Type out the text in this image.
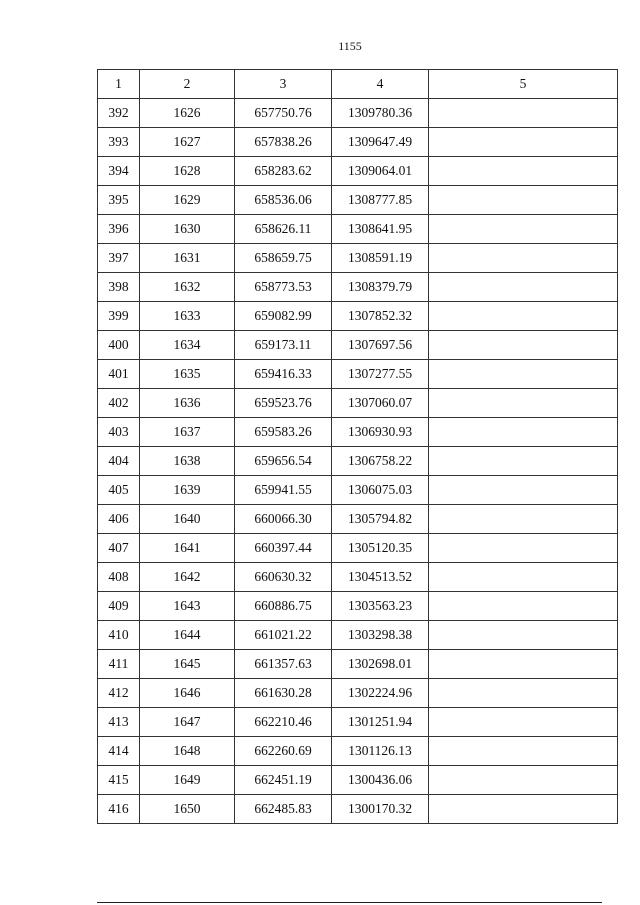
1155
1	2	3	4	5
392	1626	657750.76	1309780.36	
393	1627	657838.26	1309647.49	
394	1628	658283.62	1309064.01	
395	1629	658536.06	1308777.85	
396	1630	658626.11	1308641.95	
397	1631	658659.75	1308591.19	
398	1632	658773.53	1308379.79	
399	1633	659082.99	1307852.32	
400	1634	659173.11	1307697.56	
401	1635	659416.33	1307277.55	
402	1636	659523.76	1307060.07	
403	1637	659583.26	1306930.93	
404	1638	659656.54	1306758.22	
405	1639	659941.55	1306075.03	
406	1640	660066.30	1305794.82	
407	1641	660397.44	1305120.35	
408	1642	660630.32	1304513.52	
409	1643	660886.75	1303563.23	
410	1644	661021.22	1303298.38	
411	1645	661357.63	1302698.01	
412	1646	661630.28	1302224.96	
413	1647	662210.46	1301251.94	
414	1648	662260.69	1301126.13	
415	1649	662451.19	1300436.06	
416	1650	662485.83	1300170.32	
